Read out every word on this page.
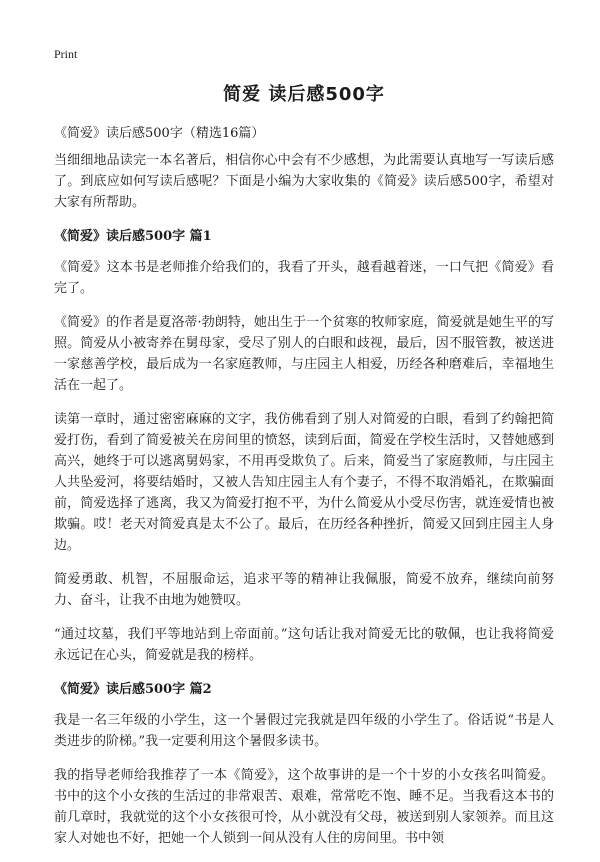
Print
简爱 读后感500字
《简爱》读后感500字（精选16篇）

当细细地品读完一本名著后，相信你心中会有不少感想，为此需要认真地写一写读后感了。到底应如何写读后感呢？下面是小编为大家收集的《简爱》读后感500字，希望对大家有所帮助。

《简爱》读后感500字 篇1

《简爱》这本书是老师推介给我们的，我看了开头，越看越着迷，一口气把《简爱》看完了。

《简爱》的作者是夏洛蒂·勃朗特，她出生于一个贫寒的牧师家庭，简爱就是她生平的写照。简爱从小被寄养在舅母家，受尽了别人的白眼和歧视，最后，因不服管教，被送进一家慈善学校，最后成为一名家庭教师，与庄园主人相爱，历经各种磨难后，幸福地生活在一起了。

读第一章时，通过密密麻麻的文字，我仿佛看到了别人对简爱的白眼，看到了约翰把简爱打伤，看到了简爱被关在房间里的愤怒，读到后面，简爱在学校生活时，又替她感到高兴，她终于可以逃离舅妈家，不用再受欺负了。后来，简爱当了家庭教师，与庄园主人共坠爱河，将要结婚时，又被人告知庄园主人有个妻子，不得不取消婚礼，在欺骗面前，简爱选择了逃离，我又为简爱打抱不平，为什么简爱从小受尽伤害，就连爱情也被欺骗。哎！老天对简爱真是太不公了。最后，在历经各种挫折，简爱又回到庄园主人身边。

简爱勇敢、机智，不屈服命运，追求平等的精神让我佩服，简爱不放弃，继续向前努力、奋斗，让我不由地为她赞叹。

“通过坟墓，我们平等地站到上帝面前。”这句话让我对简爱无比的敬佩，也让我将简爱永远记在心头，简爱就是我的榜样。

《简爱》读后感500字 篇2

我是一名三年级的小学生，这一个暑假过完我就是四年级的小学生了。俗话说“书是人类进步的阶梯。”我一定要利用这个暑假多读书。

我的指导老师给我推荐了一本《简爱》，这个故事讲的是一个十岁的小女孩名叫简爱。书中的这个小女孩的生活过的非常艰苦、艰难，常常吃不饱、睡不足。当我看这本书的前几章时，我就觉的这个小女孩很可怜，从小就没有父母，被送到别人家领养。而且这家人对她也不好，把她一个人锁到一间从没有人住的房间里。书中领
